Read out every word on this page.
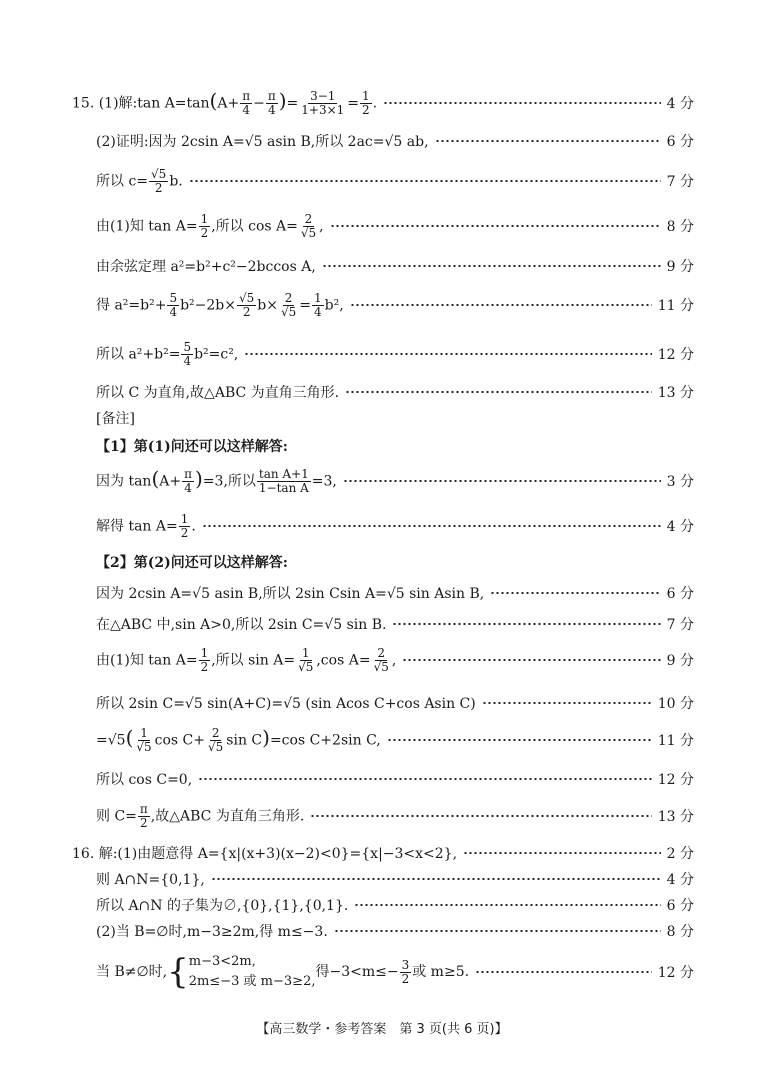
15. (1)解:tan $A=\tan(A+ \frac{\pi}{4} - \frac{\pi}{4}$ )= $\frac{3-1}{1+3\times 1} = \frac{1}{2}$ .	4 分
(2)证明:因为 2csin A=√5 asin B,所以 2ac=√5 ab,	6 分
所以 $c= \frac{√5}{2} b$.	7 分
由(1)知 $\tan A= \frac{1}{2}$ ,所以 $\cos A= \frac{2}{√5}$ ,	8 分
由余弦定理 a²=b²+c²−2bccos A,	9 分
得 $a^2=b^2+ \frac{5}{4} b^2-2b\times \frac{√5}{2} b\times \frac{2}{√5} = \frac{1}{4} b^2$,	11 分
所以 $a^2+b^2= \frac{5}{4} b^2=c^2$,	12 分
所以 C 为直角,故△ABC 为直角三角形.	13 分
[备注]
【1】第(1)问还可以这样解答:
因为 $\tan(A+ \frac{\pi}{4} )=3$,所以 $\frac{\text{tan A+1}}{\text{1−tan A}} =3$,	3 分
解得 $\tan A= \frac{1}{2}$ .	4 分
【2】第(2)问还可以这样解答:
因为 2csin A=√5 asin B,所以 2sin Csin A=√5 sin Asin B,	6 分
在△ABC 中,sin A>0,所以 2sin C=√5 sin B.	7 分
由(1)知 $\tan A= \frac{1}{2}$ ,所以 $\sin A= \frac{1}{√5} ,\cos$ $A= \frac{2}{√5}$ ,	9 分
所以 2sin C=√5 sin(A+C)=√5 (sin Acos C+cos Asin C)	10 分
$=√5( \frac{1}{√5}$ $\cos C+ \frac{2}{√5}$ sin C)=cos C+2sin C,	11 分
所以 cos C=0,	12 分
则 $C= \frac{\pi}{2}$ ,故△ABC 为直角三角形.	13 分
16. 解:(1)由题意得 A={x|(x+3)(x−2)<0}={x|−3<x<2},	2 分
则 A∩N={0,1},	4 分
所以 A∩N 的子集为∅,{0},{1},{0,1}.	6 分
(2)当 B=∅时,m−3≥2m,得 m≤−3.	8 分
当 B≠∅时,{ m−3<2m,
2m≤−3 或 m−3≥2,
得$-3<m\le- \frac{3}{2}$ 或 m≥5.	12 分
【高三数学・参考答案　第 3 页(共 6 页)】
